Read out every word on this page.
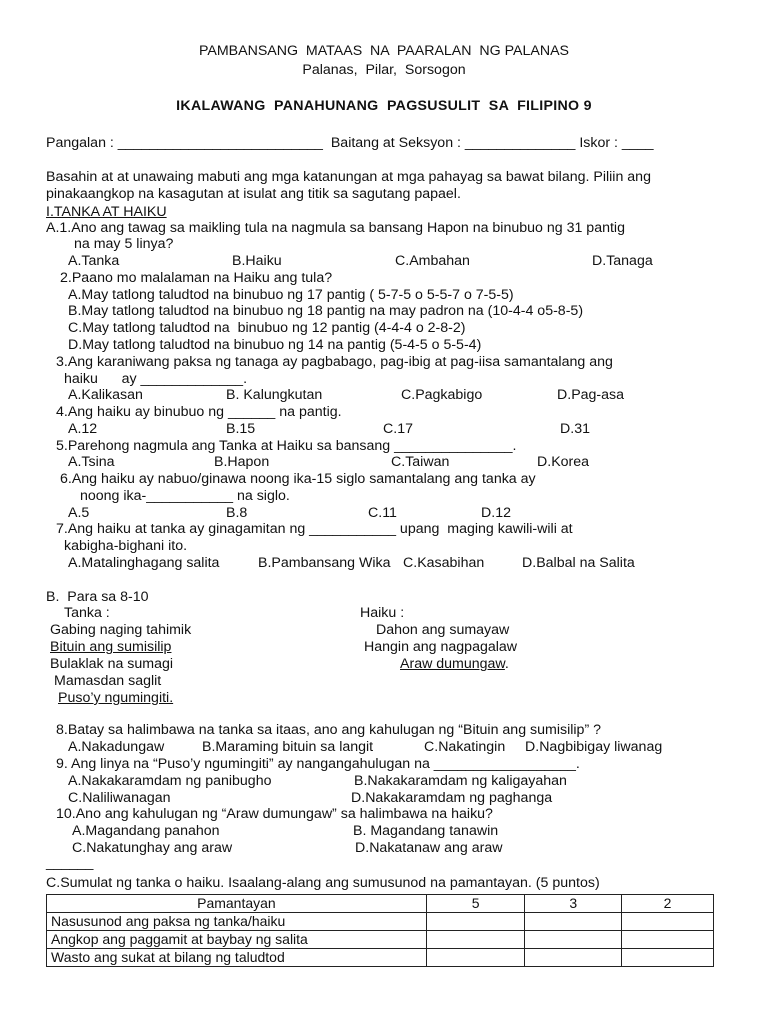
PAMBANSANG  MATAAS  NA  PAARALAN  NG PALANAS
Palanas,  Pilar,  Sorsogon
IKALAWANG  PANAHUNANG  PAGSUSULIT  SA  FILIPINO 9
Pangalan : __________________________ Baitang at Seksyon : ______________ Iskor : ____
Basahin at at unawaing mabuti ang mga katanungan at mga pahayag sa bawat bilang. Piliin ang
pinakaangkop na kasagutan at isulat ang titik sa sagutang papael.
I.TANKA AT HAIKU
A.1.Ano ang tawag sa maikling tula na nagmula sa bansang Hapon na binubuo ng 31 pantig
na may 5 linya?
A.Tanka	B.Haiku	C.Ambahan	D.Tanaga
2.Paano mo malalaman na Haiku ang tula?
A.May tatlong taludtod na binubuo ng 17 pantig ( 5-7-5 o 5-5-7 o 7-5-5)
B.May tatlong taludtod na binubuo ng 18 pantig na may padron na (10-4-4 o5-8-5)
C.May tatlong taludtod na  binubuo ng 12 pantig (4-4-4 o 2-8-2)
D.May tatlong taludtod na binubuo ng 14 na pantig (5-4-5 o 5-5-4)
3.Ang karaniwang paksa ng tanaga ay pagbabago, pag-ibig at pag-iisa samantalang ang
haiku      ay _____________.
A.Kalikasan	B. Kalungkutan	C.Pagkabigo	D.Pag-asa
4.Ang haiku ay binubuo ng ______ na pantig.
A.12	B.15	C.17	D.31
5.Parehong nagmula ang Tanka at Haiku sa bansang _______________.
A.Tsina	B.Hapon	C.Taiwan	D.Korea
6.Ang haiku ay nabuo/ginawa noong ika-15 siglo samantalang ang tanka ay
noong ika-___________ na siglo.
A.5	B.8	C.11	D.12
7.Ang haiku at tanka ay ginagamitan ng ___________ upang  maging kawili-wili at
kabigha-bighani ito.
A.Matalinghagang salita	B.Pambansang Wika C.Kasabihan	D.Balbal na Salita
B.  Para sa 8-10
Tanka :	Haiku :
Gabing naging tahimik
Bituin ang sumisilip
Bulaklak na sumagi
Mamasdan saglit
Puso’y ngumingiti.
Dahon ang sumayaw
Hangin ang nagpagalaw
Araw dumungaw.
8.Batay sa halimbawa na tanka sa itaas, ano ang kahulugan ng “Bituin ang sumisilip” ?
A.Nakadungaw	B.Maraming bituin sa langit	C.Nakatingin D.Nagbibigay liwanag
9. Ang linya na “Puso’y ngumingiti” ay nangangahulugan na __________________.
A.Nakakaramdam ng panibugho	B.Nakakaramdam ng kaligayahan
C.Naliliwanagan	D.Nakakaramdam ng paghanga
10.Ano ang kahulugan ng “Araw dumungaw” sa halimbawa na haiku?
A.Magandang panahon	B. Magandang tanawin
C.Nakatunghay ang araw	D.Nakatanaw ang araw
______
C.Sumulat ng tanka o haiku. Isaalang-alang ang sumusunod na pamantayan. (5 puntos)
Pamantayan	5	3	2
Nasusunod ang paksa ng tanka/haiku			
Angkop ang paggamit at baybay ng salita			
Wasto ang sukat at bilang ng taludtod			
